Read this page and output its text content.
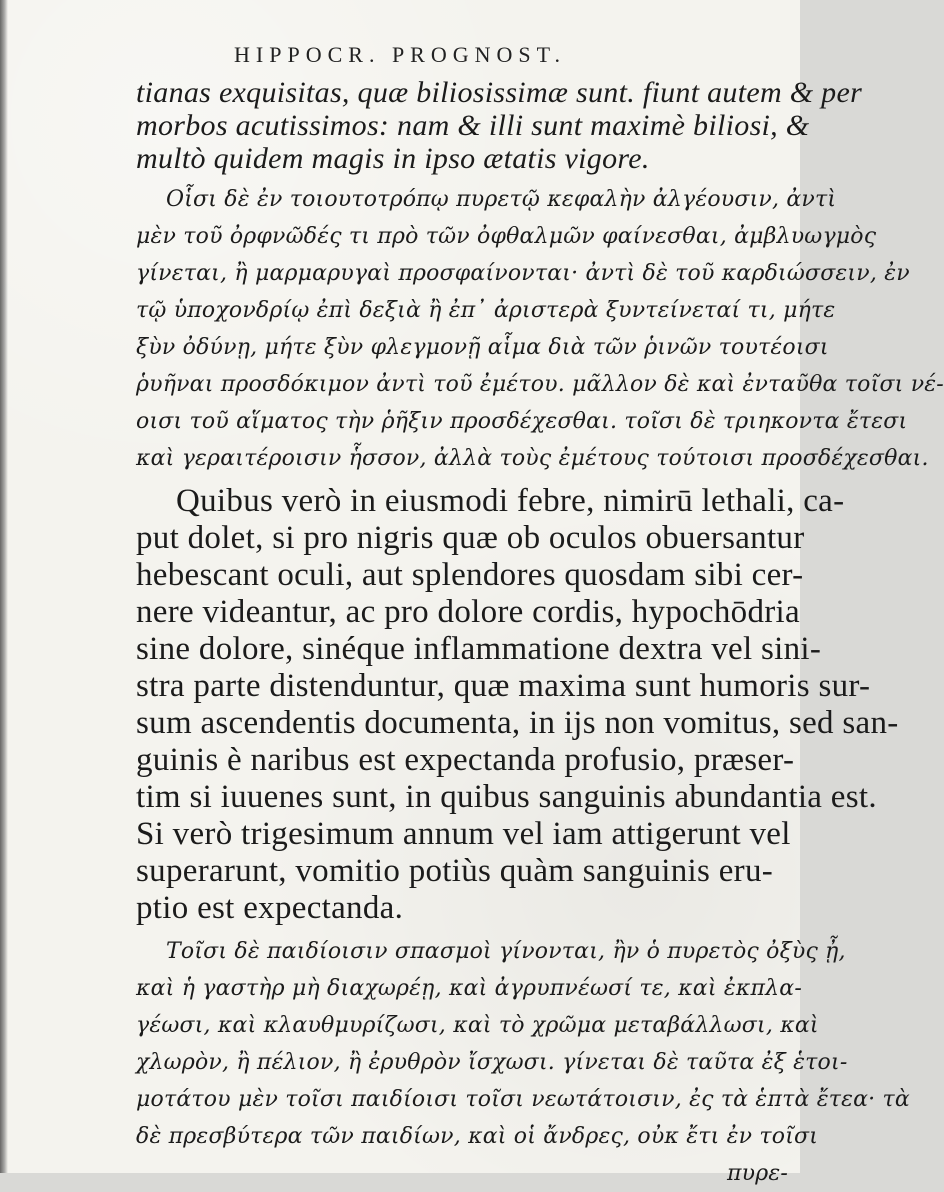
HIPPOCR. PROGNOST.

tianas exquisitas, quæ biliosissimæ sunt. fiunt autem & per

morbos acutissimos: nam & illi sunt maximè biliosi, &

multò quidem magis in ipso ætatis vigore.

Οἷσι δὲ ἐν τοιουτοτρόπῳ πυρετῷ κεφαλὴν ἀλγέουσιν, ἀντὶ

μὲν τοῦ ὀρφνῶδές τι πρὸ τῶν ὀφθαλμῶν φαίνεσθαι, ἀμβλυωγμὸς

γίνεται, ἢ μαρμαρυγαὶ προσφαίνονται· ἀντὶ δὲ τοῦ καρδιώσσειν, ἐν

τῷ ὑποχονδρίῳ ἐπὶ δεξιὰ ἢ ἐπ᾽ ἀριστερὰ ξυντείνεταί τι, μήτε

ξὺν ὀδύνῃ, μήτε ξὺν φλεγμονῇ αἷμα διὰ τῶν ῥινῶν τουτέοισι

ῥυῆναι προσδόκιμον ἀντὶ τοῦ ἐμέτου. μᾶλλον δὲ καὶ ἐνταῦθα τοῖσι νέ-

οισι τοῦ αἵματος τὴν ῥῆξιν προσδέχεσθαι. τοῖσι δὲ τριηκοντα ἔτεσι

καὶ γεραιτέροισιν ἧσσον, ἀλλὰ τοὺς ἐμέτους τούτοισι προσδέχεσθαι.

Quibus verò in eiusmodi febre, nimirū lethali, ca-

put dolet, si pro nigris quæ ob oculos obuersantur

hebescant oculi, aut splendores quosdam sibi cer-

nere videantur, ac pro dolore cordis, hypochōdria

sine dolore, sinéque inflammatione dextra vel sini-

stra parte distenduntur, quæ maxima sunt humoris sur-

sum ascendentis documenta, in ijs non vomitus, sed san-

guinis è naribus est expectanda profusio, præser-

tim si iuuenes sunt, in quibus sanguinis abundantia est.

Si verò trigesimum annum vel iam attigerunt vel

superarunt, vomitio potiùs quàm sanguinis eru-

ptio est expectanda.

Τοῖσι δὲ παιδίοισιν σπασμοὶ γίνονται, ἢν ὁ πυρετὸς ὀξὺς ᾖ,

καὶ ἡ γαστὴρ μὴ διαχωρέῃ, καὶ ἀγρυπνέωσί τε, καὶ ἐκπλα-

γέωσι, καὶ κλαυθμυρίζωσι, καὶ τὸ χρῶμα μεταβάλλωσι, καὶ

χλωρὸν, ἢ πέλιον, ἢ ἐρυθρὸν ἴσχωσι. γίνεται δὲ ταῦτα ἐξ ἑτοι-

μοτάτου μὲν τοῖσι παιδίοισι τοῖσι νεωτάτοισιν, ἐς τὰ ἑπτὰ ἔτεα· τὰ

δὲ πρεσβύτερα τῶν παιδίων, καὶ οἱ ἄνδρες, οὐκ ἔτι ἐν τοῖσι

πυρε-
